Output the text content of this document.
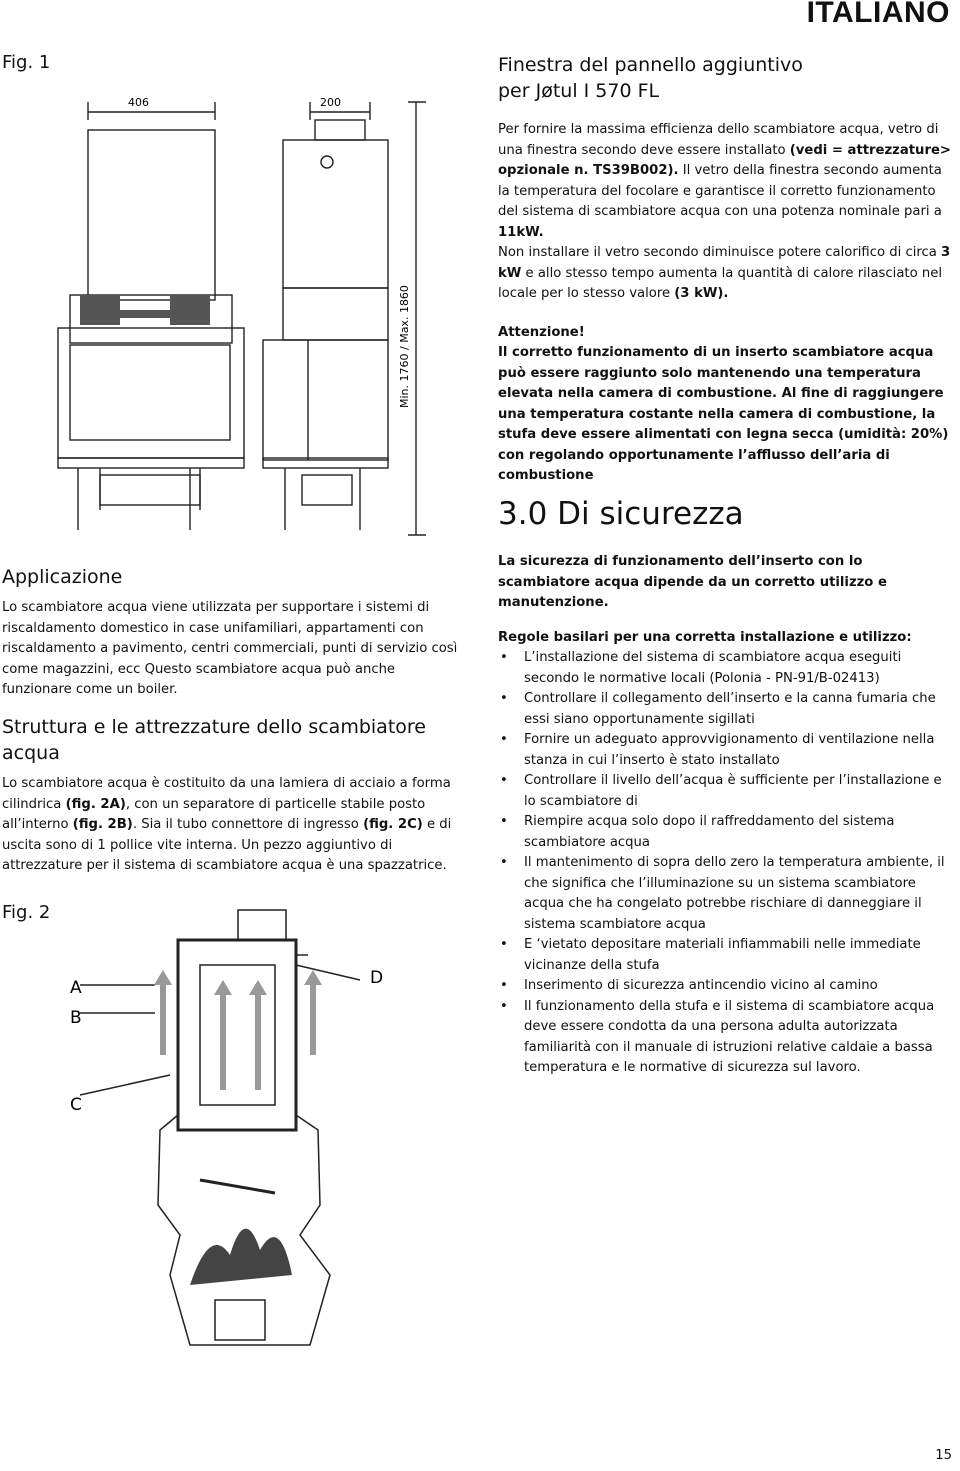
ITALIANO
Fig. 1
406	200
Min. 1760 / Max. 1860
Finestra del pannello aggiuntivo
per Jøtul I 570 FL

Per fornire la massima efficienza dello scambiatore acqua, vetro di una finestra secondo deve essere installato (vedi = attrezzature> opzionale n. TS39B002). Il vetro della finestra secondo aumenta la temperatura del focolare e garantisce il corretto funzionamento del sistema di scambiatore acqua con una potenza nominale pari a 11kW.

Non installare il vetro secondo diminuisce potere calorifico di circa 3 kW e allo stesso tempo aumenta la quantità di calore rilasciato nel locale per lo stesso valore (3 kW).

Attenzione!

Il corretto funzionamento di un inserto scambiatore acqua può essere raggiunto solo mantenendo una temperatura elevata nella camera di combustione. Al fine di raggiungere una temperatura costante nella camera di combustione, la stufa deve essere alimentati con legna secca (umidità: 20%) con regolando opportunamente l’afflusso dell’aria di combustione

3.0 Di sicurezza

La sicurezza di funzionamento dell’inserto con lo scambiatore acqua dipende da un corretto utilizzo e manutenzione.

Regole basilari per una corretta installazione e utilizzo:

• L’installazione del sistema di scambiatore acqua eseguiti secondo le normative locali (Polonia - PN-91/B-02413)
• Controllare il collegamento dell’inserto e la canna fumaria che essi siano opportunamente sigillati
• Fornire un adeguato approvvigionamento di ventilazione nella stanza in cui l’inserto è stato installato
• Controllare il livello dell’acqua è sufficiente per l’installazione e lo scambiatore di
• Riempire acqua solo dopo il raffreddamento del sistema scambiatore acqua
• Il mantenimento di sopra dello zero la temperatura ambiente, il che significa che l’illuminazione su un sistema scambiatore acqua che ha congelato potrebbe rischiare di danneggiare il sistema scambiatore acqua
• E ‘vietato depositare materiali infiammabili nelle immediate vicinanze della stufa
• Inserimento di sicurezza antincendio vicino al camino
• Il funzionamento della stufa e il sistema di scambiatore acqua deve essere condotta da una persona adulta autorizzata familiarità con il manuale di istruzioni relative caldaie a bassa temperatura e le normative di sicurezza sul lavoro.
Applicazione
Lo scambiatore acqua viene utilizzata per supportare i sistemi di riscaldamento domestico in case unifamiliari, appartamenti con riscaldamento a pavimento, centri commerciali, punti di servizio così come magazzini, ecc Questo scambiatore acqua può anche funzionare come un boiler.
Struttura e le attrezzature dello scambiatore
acqua
Lo scambiatore acqua è costituito da una lamiera di acciaio a forma cilindrica (fig. 2A), con un separatore di particelle stabile posto all’interno (fig. 2B). Sia il tubo connettore di ingresso (fig. 2C) e di uscita sono di 1 pollice vite interna. Un pezzo aggiuntivo di attrezzature per il sistema di scambiatore acqua è una spazzatrice.
Fig. 2
A
B
C
D
15
